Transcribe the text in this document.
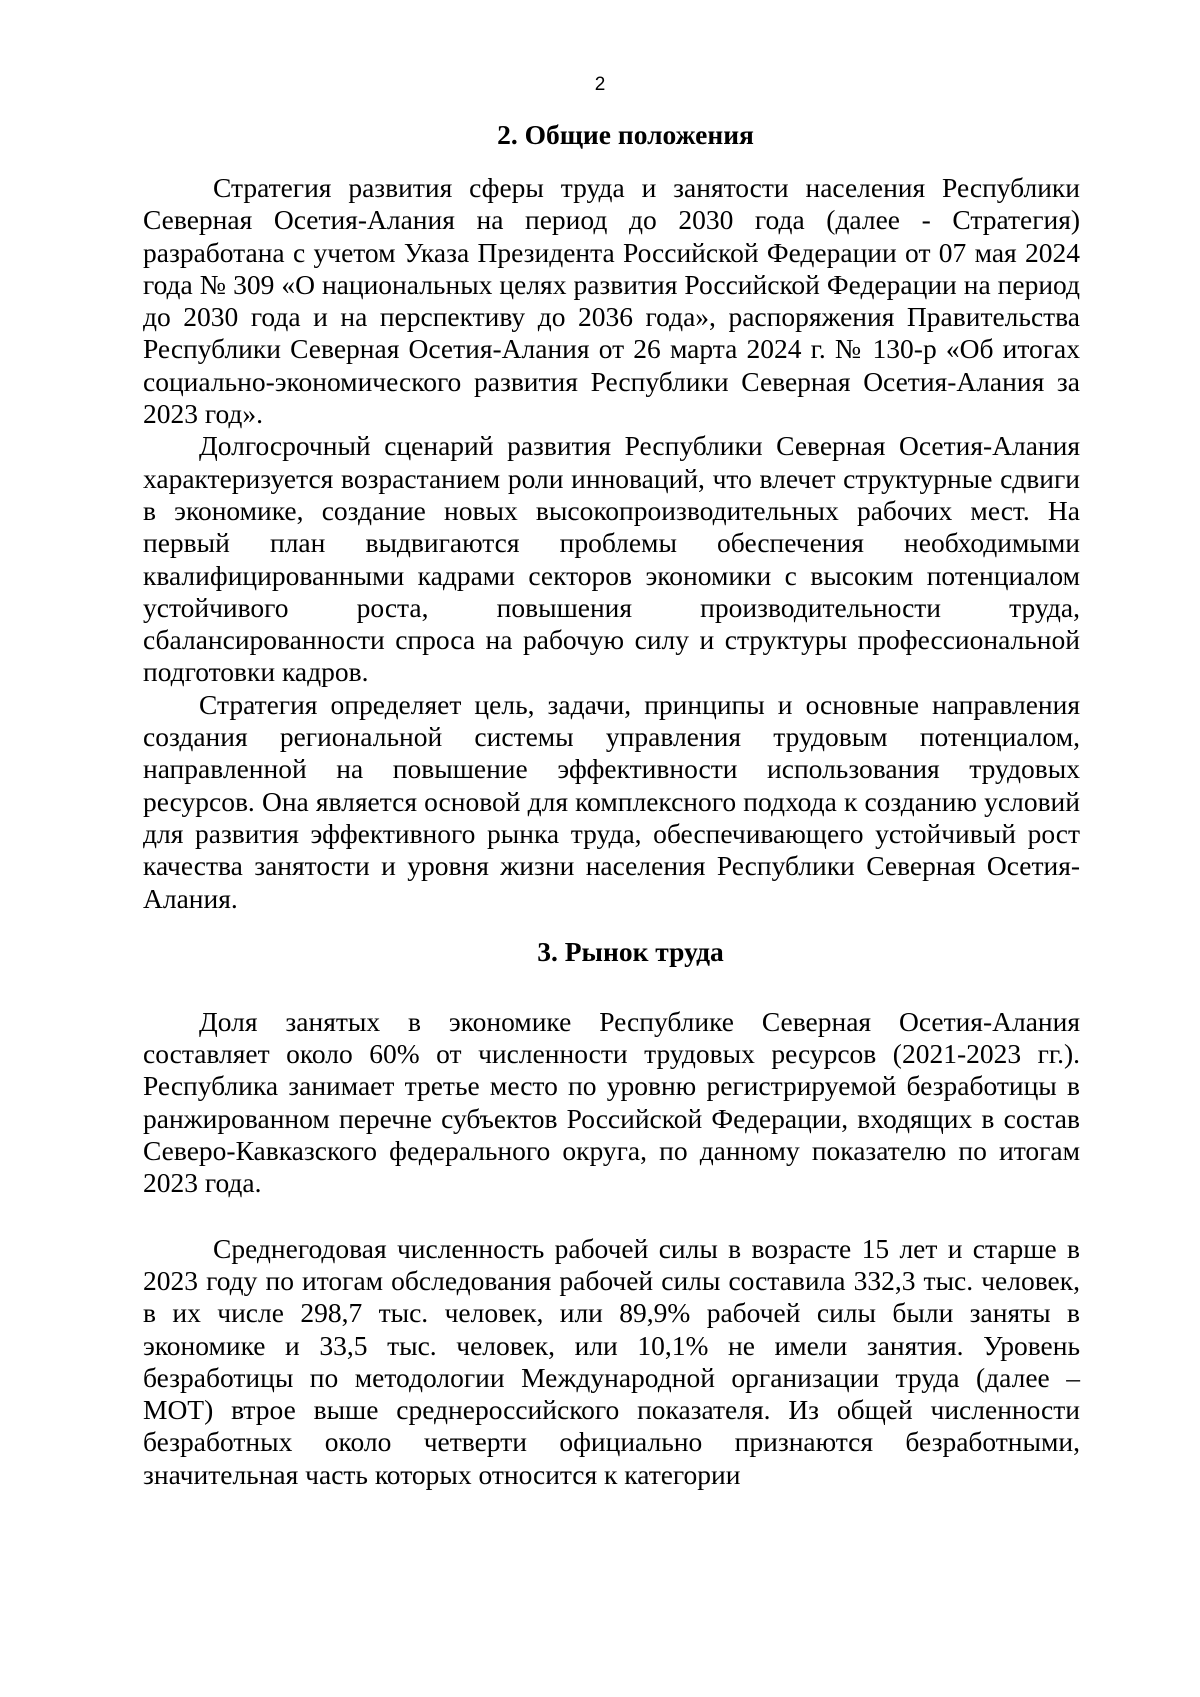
2
2. Общие положения

Стратегия развития сферы труда и занятости населения Республики Северная Осетия-Алания на период до 2030 года (далее - Стратегия) разработана с учетом Указа Президента Российской Федерации от 07 мая 2024 года № 309 «О национальных целях развития Российской Федерации на период до 2030 года и на перспективу до 2036 года», распоряжения Правительства Республики Северная Осетия-Алания от 26 марта 2024 г. № 130-р «Об итогах социально-экономического развития Республики Северная Осетия-Алания за 2023 год».

Долгосрочный сценарий развития Республики Северная Осетия-Алания характеризуется возрастанием роли инноваций, что влечет структурные сдвиги в экономике, создание новых высокопроизводительных рабочих мест. На первый план выдвигаются проблемы обеспечения необходимыми квалифицированными кадрами секторов экономики с высоким потенциалом устойчивого роста, повышения производительности труда, сбалансированности спроса на рабочую силу и структуры профессиональной подготовки кадров.

Стратегия определяет цель, задачи, принципы и основные направления создания региональной системы управления трудовым потенциалом, направленной на повышение эффективности использования трудовых ресурсов. Она является основой для комплексного подхода к созданию условий для развития эффективного рынка труда, обеспечивающего устойчивый рост качества занятости и уровня жизни населения Республики Северная Осетия-Алания.

3. Рынок труда

Доля занятых в экономике Республике Северная Осетия-Алания составляет около 60% от численности трудовых ресурсов (2021-2023 гг.). Республика занимает третье место по уровню регистрируемой безработицы в ранжированном перечне субъектов Российской Федерации, входящих в состав Северо-Кавказского федерального округа, по данному показателю по итогам 2023 года.

Среднегодовая численность рабочей силы в возрасте 15 лет и старше в 2023 году по итогам обследования рабочей силы составила 332,3 тыс. человек, в их числе 298,7 тыс. человек, или 89,9% рабочей силы были заняты в экономике и 33,5 тыс. человек, или 10,1% не имели занятия. Уровень безработицы по методологии Международной организации труда (далее – МОТ) втрое выше среднероссийского показателя. Из общей численности безработных около четверти официально признаются безработными, значительная часть которых относится к категории
